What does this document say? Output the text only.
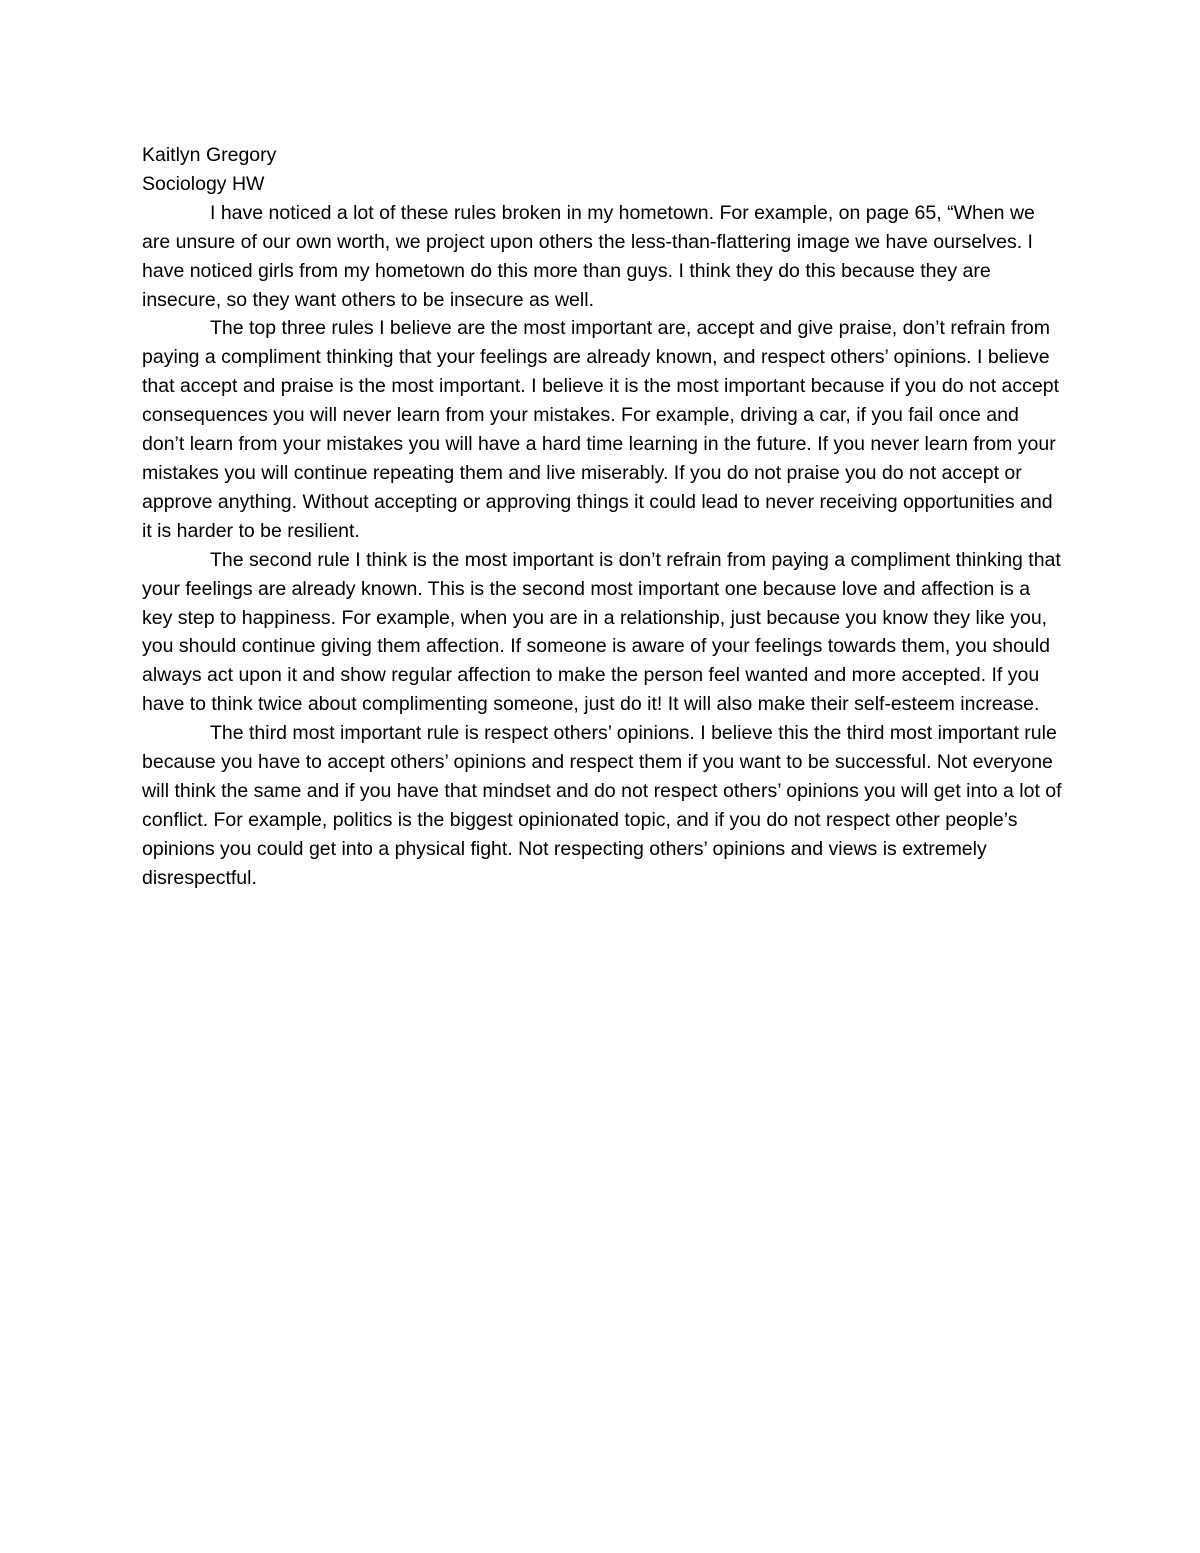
Kaitlyn Gregory

Sociology HW

I have noticed a lot of these rules broken in my hometown. For example, on page 65, “When we are unsure of our own worth, we project upon others the less-than-flattering image we have ourselves. I have noticed girls from my hometown do this more than guys. I think they do this because they are insecure, so they want others to be insecure as well.

The top three rules I believe are the most important are, accept and give praise, don’t refrain from paying a compliment thinking that your feelings are already known, and respect others’ opinions. I believe that accept and praise is the most important. I believe it is the most important because if you do not accept consequences you will never learn from your mistakes. For example, driving a car, if you fail once and don’t learn from your mistakes you will have a hard time learning in the future. If you never learn from your mistakes you will continue repeating them and live miserably. If you do not praise you do not accept or approve anything. Without accepting or approving things it could lead to never receiving opportunities and it is harder to be resilient.

The second rule I think is the most important is don’t refrain from paying a compliment thinking that your feelings are already known. This is the second most important one because love and affection is a key step to happiness. For example, when you are in a relationship, just because you know they like you, you should continue giving them affection. If someone is aware of your feelings towards them, you should always act upon it and show regular affection to make the person feel wanted and more accepted. If you have to think twice about complimenting someone, just do it! It will also make their self-esteem increase.

The third most important rule is respect others’ opinions. I believe this the third most important rule because you have to accept others’ opinions and respect them if you want to be successful. Not everyone will think the same and if you have that mindset and do not respect others’ opinions you will get into a lot of conflict. For example, politics is the biggest opinionated topic, and if you do not respect other people’s opinions you could get into a physical fight. Not respecting others’ opinions and views is extremely disrespectful.
